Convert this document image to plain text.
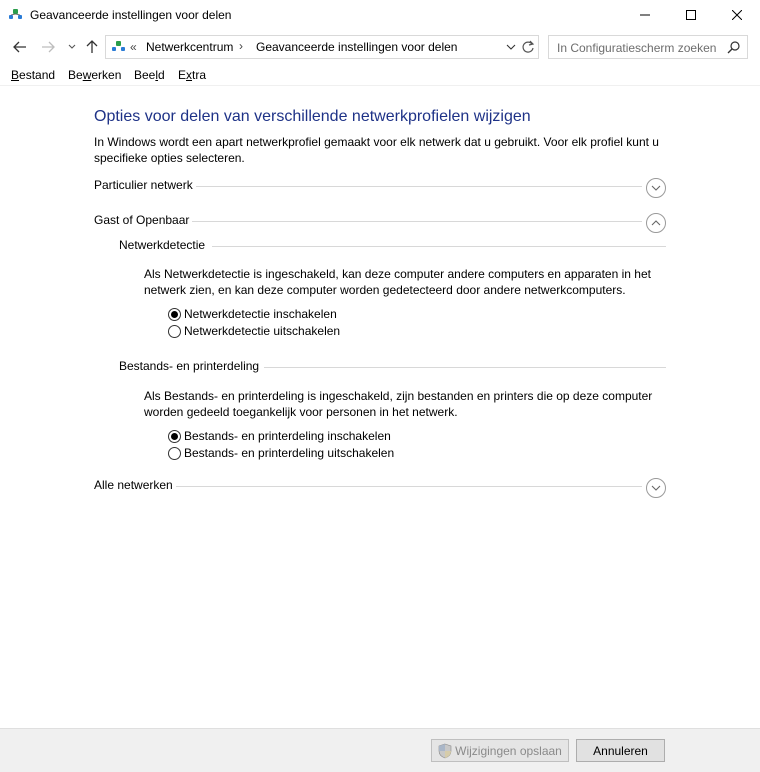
Geavanceerde instellingen voor delen
« Netwerkcentrum › Geavanceerde instellingen voor delen	In Configuratiescherm zoeken
Bestand Bewerken Beeld Extra
Opties voor delen van verschillende netwerkprofielen wijzigen
In Windows wordt een apart netwerkprofiel gemaakt voor elk netwerk dat u gebruikt. Voor elk profiel kunt u specifieke opties selecteren.
Particulier netwerk
Gast of Openbaar
Netwerkdetectie
Als Netwerkdetectie is ingeschakeld, kan deze computer andere computers en apparaten in het netwerk zien, en kan deze computer worden gedetecteerd door andere netwerkcomputers.
Netwerkdetectie inschakelen
Netwerkdetectie uitschakelen
Bestands- en printerdeling
Als Bestands- en printerdeling is ingeschakeld, zijn bestanden en printers die op deze computer worden gedeeld toegankelijk voor personen in het netwerk.
Bestands- en printerdeling inschakelen
Bestands- en printerdeling uitschakelen
Alle netwerken
Wijzigingen opslaan	Annuleren
